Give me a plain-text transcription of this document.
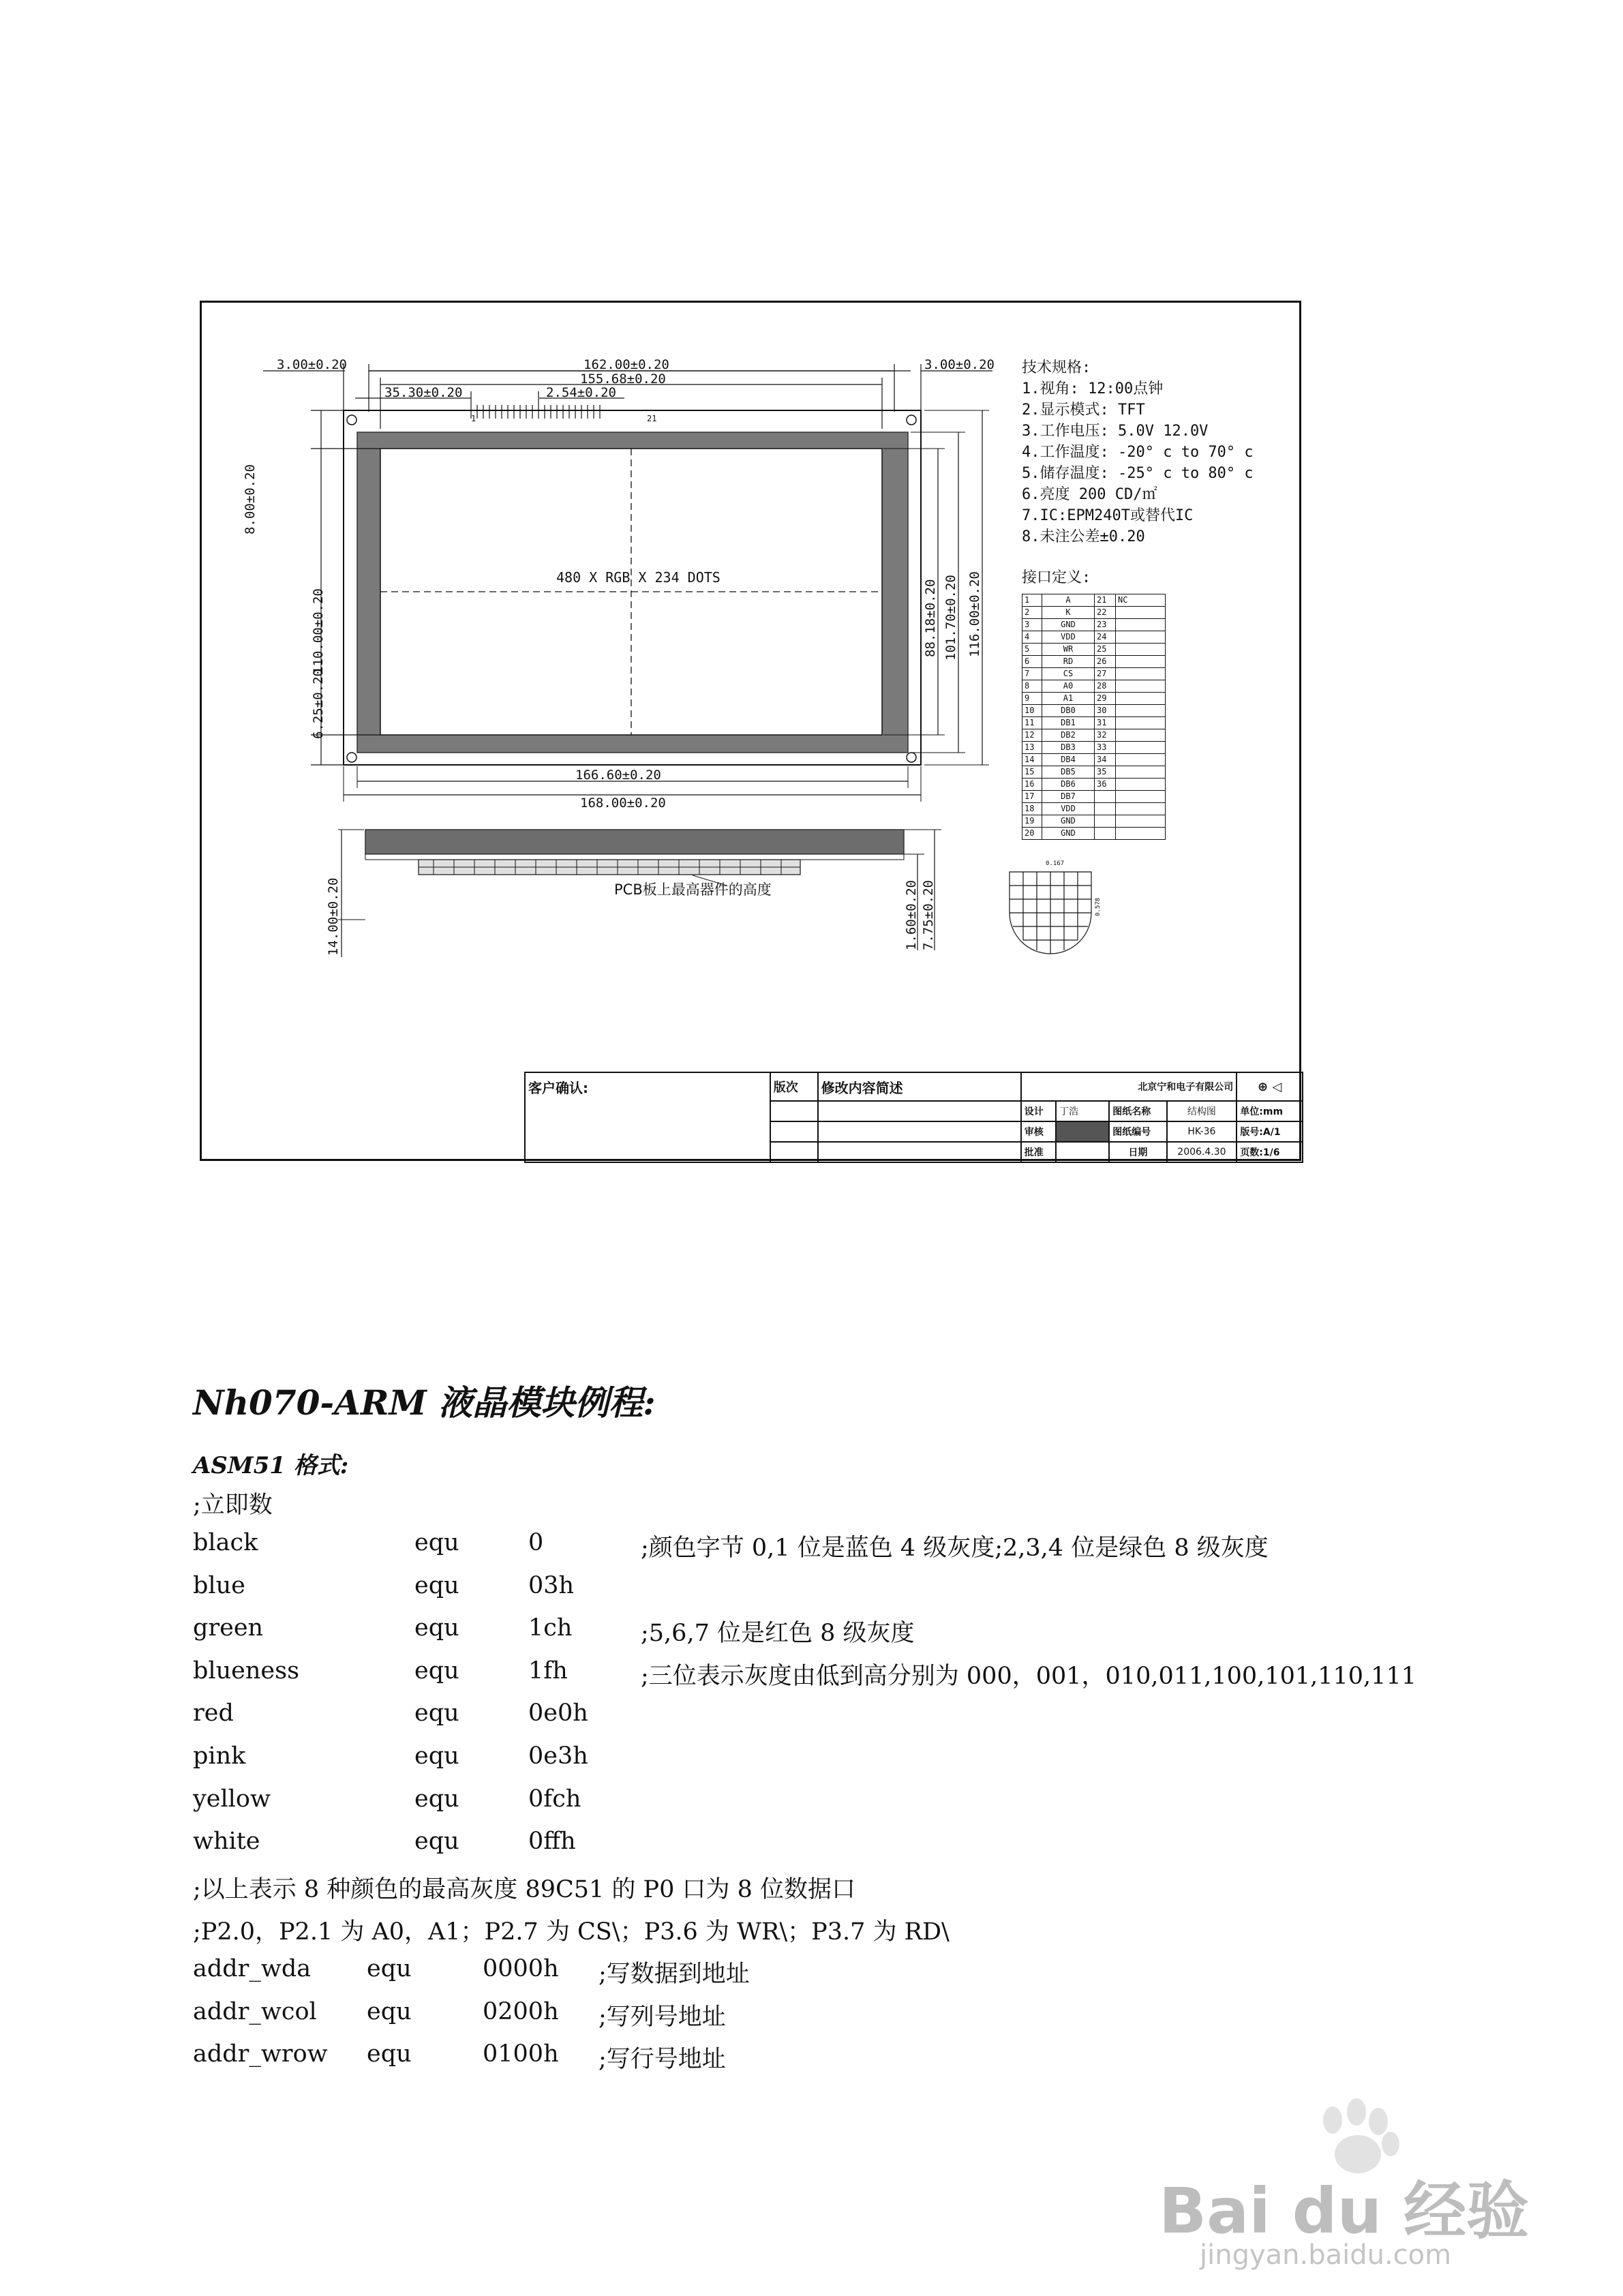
3.00±0.20	162.00±0.20	3.00±0.20
155.68±0.20
35.30±0.20	2.54±0.20
1	21
8.00±0.20
110.00±0.20
6.25±0.20
88.18±0.20 101.70±0.20 116.00±0.20
480 X RGB X 234 DOTS
166.60±0.20
168.00±0.20
14.00±0.20	1.60±0.20 7.75±0.20
PCB板上最高器件的高度
0.167
0.578
技术规格:
1.视角: 12:00点钟
2.显示模式: TFT
3.工作电压: 5.0V 12.0V
4.工作温度: -20° c to 70° c
5.储存温度: -25° c to 80° c
6.亮度 200 CD/㎡
7.IC:EPM240T或替代IC
8.未注公差±0.20
接口定义:
1	A	21	NC
2	K	22	
3	GND	23	
4	VDD	24	
5	WR	25	
6	RD	26	
7	CS	27	
8	A0	28	
9	A1	29	
10	DB0	30	
11	DB1	31	
12	DB2	32	
13	DB3	33	
14	DB4	34	
15	DB5	35	
16	DB6	36	
17	DB7		
18	VDD		
19	GND		
20	GND		
客户确认:	版次	修改内容简述	北京宁和电子有限公司				⊕ ◁
			设计	丁浩	图纸名称	结构图	单位:mm
			审核		图纸编号	HK-36	版号:A/1
			批准		日期	2006.4.30	页数:1/6
Nh070-ARM 液晶模块例程:
ASM51 格式:
;立即数
black	equ	0	;颜色字节 0,1 位是蓝色 4 级灰度;2,3,4 位是绿色 8 级灰度
blue	equ	03h
green	equ	1ch	;5,6,7 位是红色 8 级灰度
blueness	equ	1fh	;三位表示灰度由低到高分别为 000，001，010,011,100,101,110,111
red	equ	0e0h
pink	equ	0e3h
yellow	equ	0fch
white	equ	0ffh
;以上表示 8 种颜色的最高灰度 89C51 的 P0 口为 8 位数据口
;P2.0，P2.1 为 A0，A1；P2.7 为 CS\；P3.6 为 WR\；P3.7 为 RD\
addr_wda equ	0000h ;写数据到地址
addr_wcol equ	0200h ;写列号地址
addr_wrow equ	0100h ;写行号地址
Bai du 经验
jingyan.baidu.com
